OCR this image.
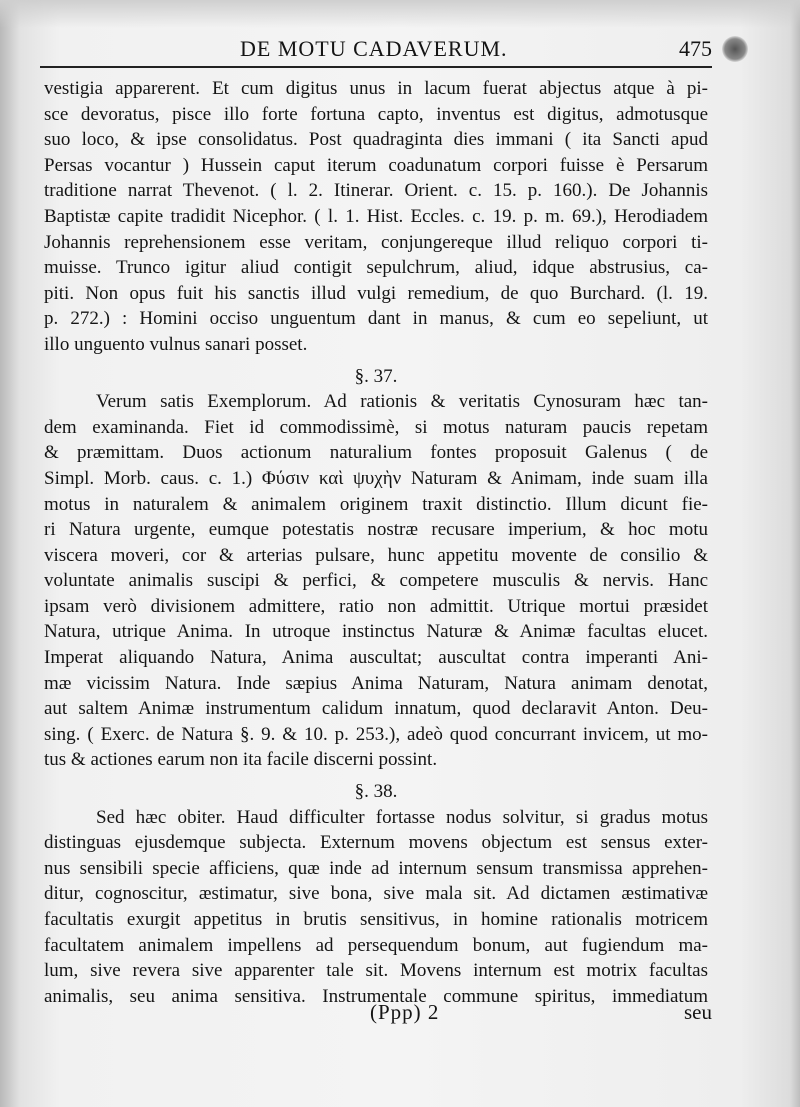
DE MOTU CADAVERUM.	475
vestigia apparerent. Et cum digitus unus in lacum fuerat abjectus atque à pi-
sce devoratus, pisce illo forte fortuna capto, inventus est digitus, admotusque
suo loco, & ipse consolidatus. Post quadraginta dies immani ( ita Sancti apud
Persas vocantur ) Hussein caput iterum coadunatum corpori fuisse è Persarum
traditione narrat Thevenot. ( l. 2. Itinerar. Orient. c. 15. p. 160.). De Johannis
Baptistæ capite tradidit Nicephor. ( l. 1. Hist. Eccles. c. 19. p. m. 69.), Herodiadem
Johannis reprehensionem esse veritam, conjungereque illud reliquo corpori ti-
muisse. Trunco igitur aliud contigit sepulchrum, aliud, idque abstrusius, ca-
piti. Non opus fuit his sanctis illud vulgi remedium, de quo Burchard. (l. 19.
p. 272.) : Homini occiso unguentum dant in manus, & cum eo sepeliunt, ut
illo unguento vulnus sanari posset.
§. 37.
Verum satis Exemplorum. Ad rationis & veritatis Cynosuram hæc tan-
dem examinanda. Fiet id commodissimè, si motus naturam paucis repetam
& præmittam. Duos actionum naturalium fontes proposuit Galenus ( de
Simpl. Morb. caus. c. 1.) Φύσιν καὶ ψυχὴν Naturam & Animam, inde suam illa
motus in naturalem & animalem originem traxit distinctio. Illum dicunt fie-
ri Natura urgente, eumque potestatis nostræ recusare imperium, & hoc motu
viscera moveri, cor & arterias pulsare, hunc appetitu movente de consilio &
voluntate animalis suscipi & perfici, & competere musculis & nervis. Hanc
ipsam verò divisionem admittere, ratio non admittit. Utrique mortui præsidet
Natura, utrique Anima. In utroque instinctus Naturæ & Animæ facultas elucet.
Imperat aliquando Natura, Anima auscultat; auscultat contra imperanti Ani-
mæ vicissim Natura. Inde sæpius Anima Naturam, Natura animam denotat,
aut saltem Animæ instrumentum calidum innatum, quod declaravit Anton. Deu-
sing. ( Exerc. de Natura §. 9. & 10. p. 253.), adeò quod concurrant invicem, ut mo-
tus & actiones earum non ita facile discerni possint.
§. 38.
Sed hæc obiter. Haud difficulter fortasse nodus solvitur, si gradus motus
distinguas ejusdemque subjecta. Externum movens objectum est sensus exter-
nus sensibili specie afficiens, quæ inde ad internum sensum transmissa apprehen-
ditur, cognoscitur, æstimatur, sive bona, sive mala sit. Ad dictamen æstimativæ
facultatis exurgit appetitus in brutis sensitivus, in homine rationalis motricem
facultatem animalem impellens ad persequendum bonum, aut fugiendum ma-
lum, sive revera sive apparenter tale sit. Movens internum est motrix facultas
animalis, seu anima sensitiva. Instrumentale commune spiritus, immediatum
(Ppp) 2	seu
